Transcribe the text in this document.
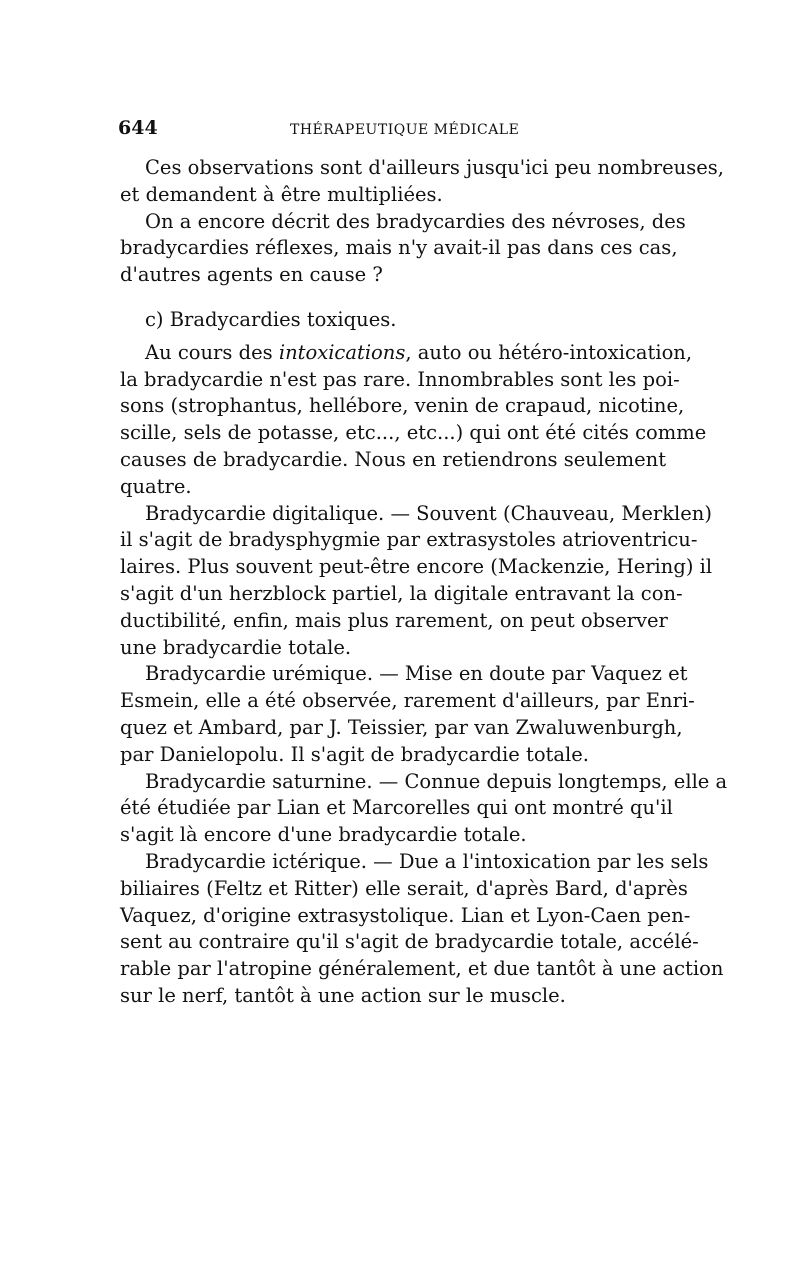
644	THÉRAPEUTIQUE MÉDICALE
Ces observations sont d'ailleurs jusqu'ici peu nombreuses,
et demandent à être multipliées.
On a encore décrit des bradycardies des névroses, des
bradycardies réflexes, mais n'y avait-il pas dans ces cas,
d'autres agents en cause ?
c) Bradycardies toxiques.
Au cours des intoxications, auto ou hétéro-intoxication,
la bradycardie n'est pas rare. Innombrables sont les poi-
sons (strophantus, hellébore, venin de crapaud, nicotine,
scille, sels de potasse, etc..., etc...) qui ont été cités comme
causes de bradycardie. Nous en retiendrons seulement
quatre.
Bradycardie digitalique. — Souvent (Chauveau, Merklen)
il s'agit de bradysphygmie par extrasystoles atrioventricu-
laires. Plus souvent peut-être encore (Mackenzie, Hering) il
s'agit d'un herzblock partiel, la digitale entravant la con-
ductibilité, enfin, mais plus rarement, on peut observer
une bradycardie totale.
Bradycardie urémique. — Mise en doute par Vaquez et
Esmein, elle a été observée, rarement d'ailleurs, par Enri-
quez et Ambard, par J. Teissier, par van Zwaluwenburgh,
par Danielopolu. Il s'agit de bradycardie totale.
Bradycardie saturnine. — Connue depuis longtemps, elle a
été étudiée par Lian et Marcorelles qui ont montré qu'il
s'agit là encore d'une bradycardie totale.
Bradycardie ictérique. — Due a l'intoxication par les sels
biliaires (Feltz et Ritter) elle serait, d'après Bard, d'après
Vaquez, d'origine extrasystolique. Lian et Lyon-Caen pen-
sent au contraire qu'il s'agit de bradycardie totale, accélé-
rable par l'atropine généralement, et due tantôt à une action
sur le nerf, tantôt à une action sur le muscle.
